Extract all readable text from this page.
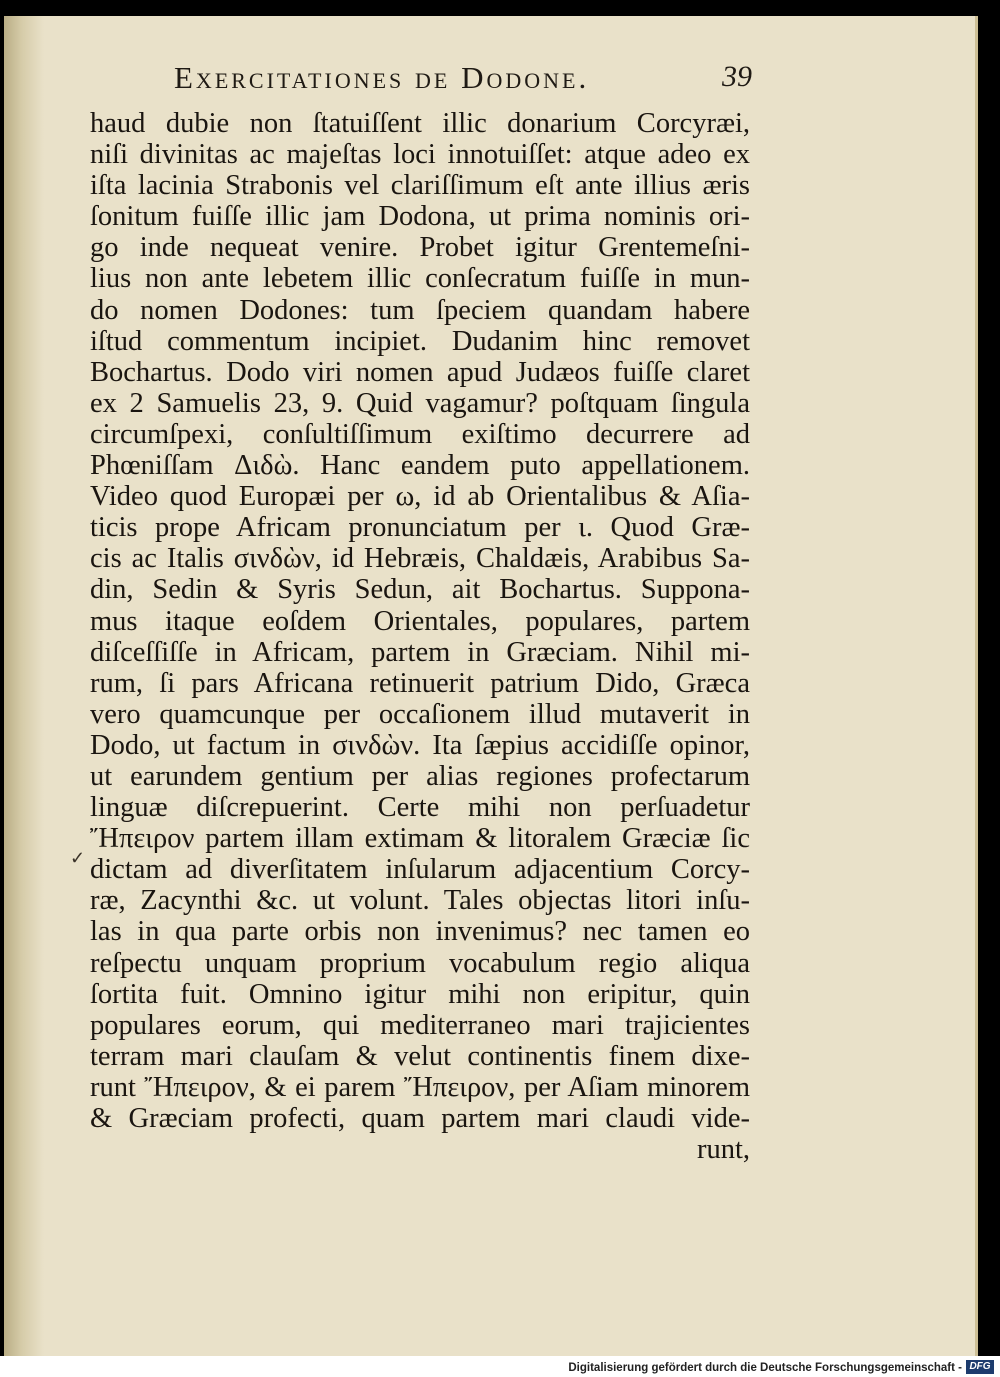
Exercitationes de Dodone.	39
haud dubie non ſtatuiſſent illic donarium Corcyræi,
niſi divinitas ac majeſtas loci innotuiſſet: atque adeo ex
iſta lacinia Strabonis vel clariſſimum eſt ante illius æris
ſonitum fuiſſe illic jam Dodona, ut prima nominis ori-
go inde nequeat venire. Probet igitur Grentemeſni-
lius non ante lebetem illic conſecratum fuiſſe in mun-
do nomen Dodones: tum ſpeciem quandam habere
iſtud commentum incipiet. Dudanim hinc removet
Bochartus. Dodo viri nomen apud Judæos fuiſſe claret
ex 2 Samuelis 23, 9. Quid vagamur? poſtquam ſingula
circumſpexi, conſultiſſimum exiſtimo decurrere ad
Phœniſſam Διδὼ. Hanc eandem puto appellationem.
Video quod Europæi per ω, id ab Orientalibus & Aſia-
ticis prope Africam pronunciatum per ι. Quod Græ-
cis ac Italis σινδὼν, id Hebræis, Chaldæis, Arabibus Sa-
din, Sedin & Syris Sedun, ait Bochartus. Suppona-
mus itaque eoſdem Orientales, populares, partem
diſceſſiſſe in Africam, partem in Græciam. Nihil mi-
rum, ſi pars Africana retinuerit patrium Dido, Græca
vero quamcunque per occaſionem illud mutaverit in
Dodo, ut factum in σινδὼν. Ita ſæpius accidiſſe opinor,
ut earundem gentium per alias regiones profectarum
linguæ diſcrepuerint. Certe mihi non perſuadetur
Ἤπειρον partem illam extimam & litoralem Græciæ ſic
dictam ad diverſitatem inſularum adjacentium Corcy-
ræ, Zacynthi &c. ut volunt. Tales objectas litori inſu-
las in qua parte orbis non invenimus? nec tamen eo
reſpectu unquam proprium vocabulum regio aliqua
ſortita fuit. Omnino igitur mihi non eripitur, quin
populares eorum, qui mediterraneo mari trajicientes
terram mari clauſam & velut continentis finem dixe-
runt Ἤπειρον, & ei parem Ἤπειρον, per Aſiam minorem
& Græciam profecti, quam partem mari claudi vide-
runt,
✓
Digitalisierung gefördert durch die Deutsche Forschungsgemeinschaft - DFG
